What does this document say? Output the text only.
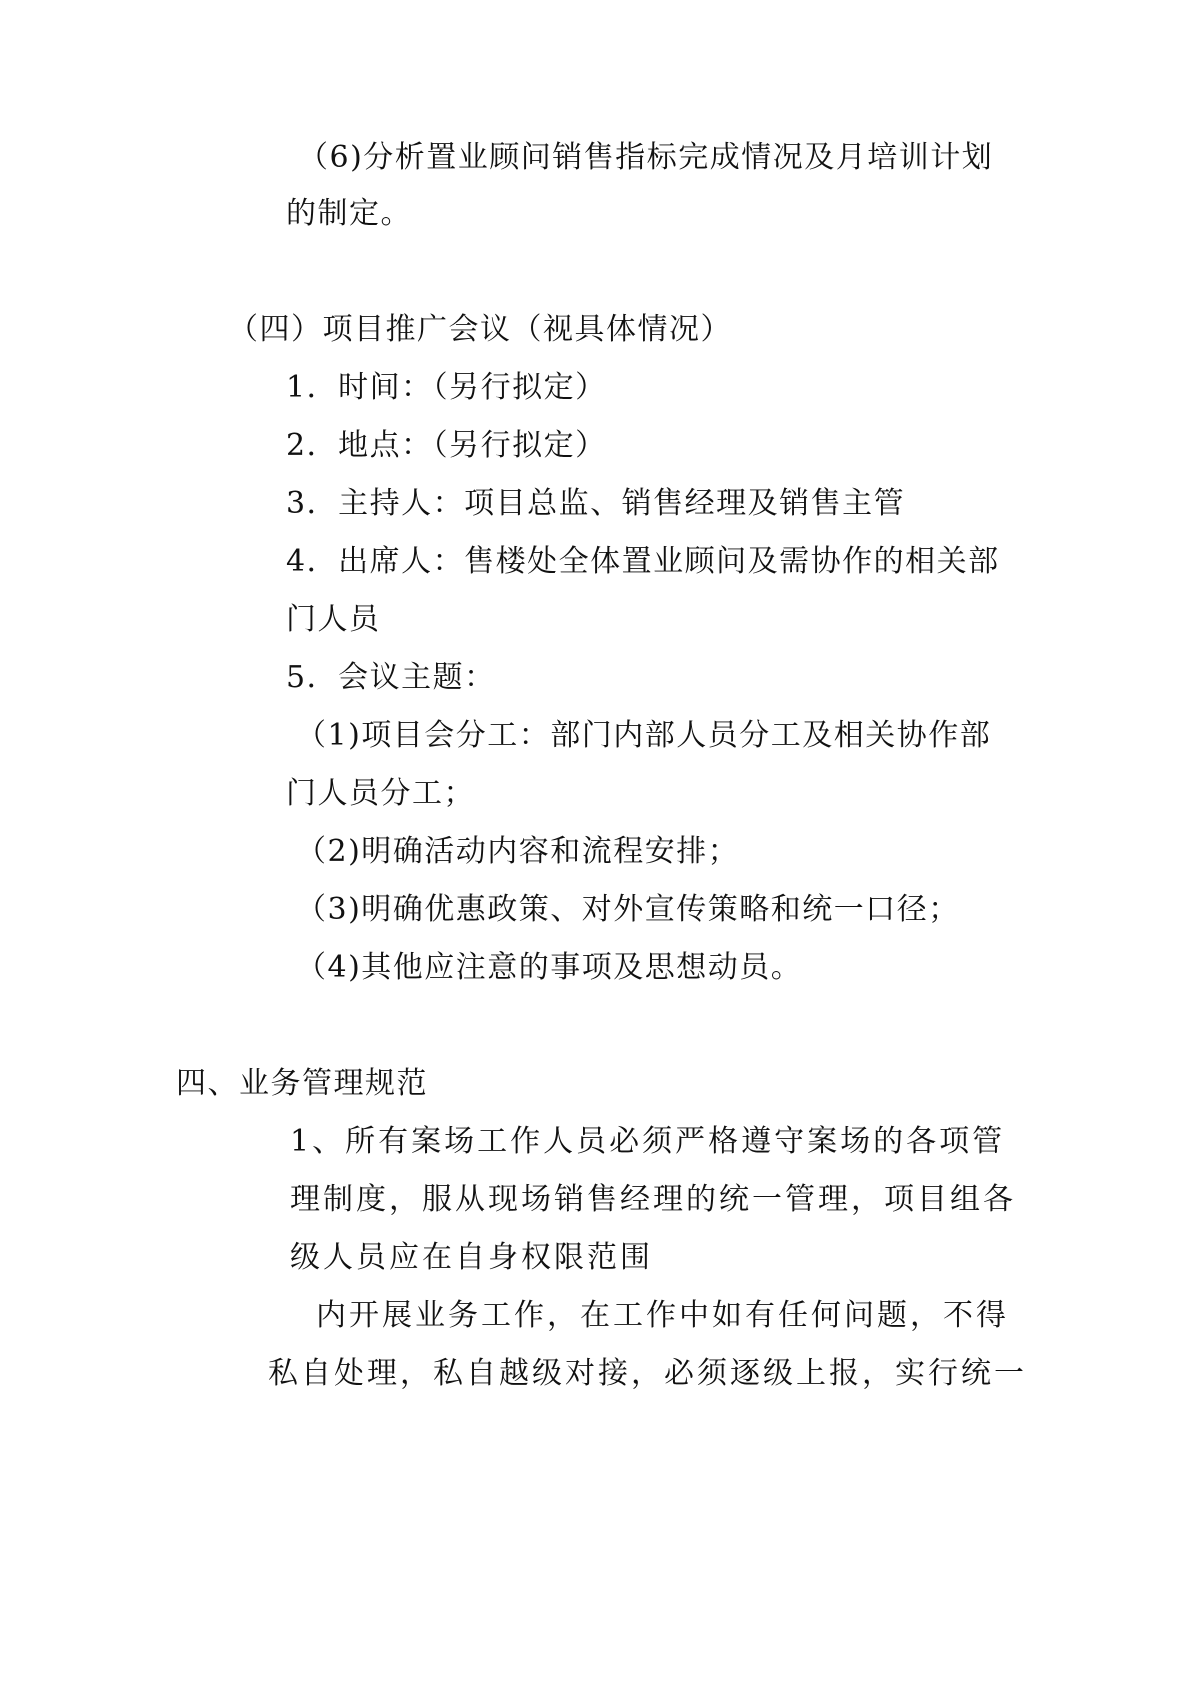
（6)分析置业顾问销售指标完成情况及月培训计划
的制定。
（四）项目推广会议（视具体情况）
1．时间：（另行拟定）
2．地点：（另行拟定）
3．主持人：项目总监、销售经理及销售主管
4．出席人：售楼处全体置业顾问及需协作的相关部
门人员
5．会议主题：
（1)项目会分工：部门内部人员分工及相关协作部
门人员分工；
（2)明确活动内容和流程安排；
（3)明确优惠政策、对外宣传策略和统一口径；
（4)其他应注意的事项及思想动员。
四、业务管理规范
1、所有案场工作人员必须严格遵守案场的各项管
理制度，服从现场销售经理的统一管理，项目组各
级人员应在自身权限范围
内开展业务工作，在工作中如有任何问题，不得
私自处理，私自越级对接，必须逐级上报，实行统一
